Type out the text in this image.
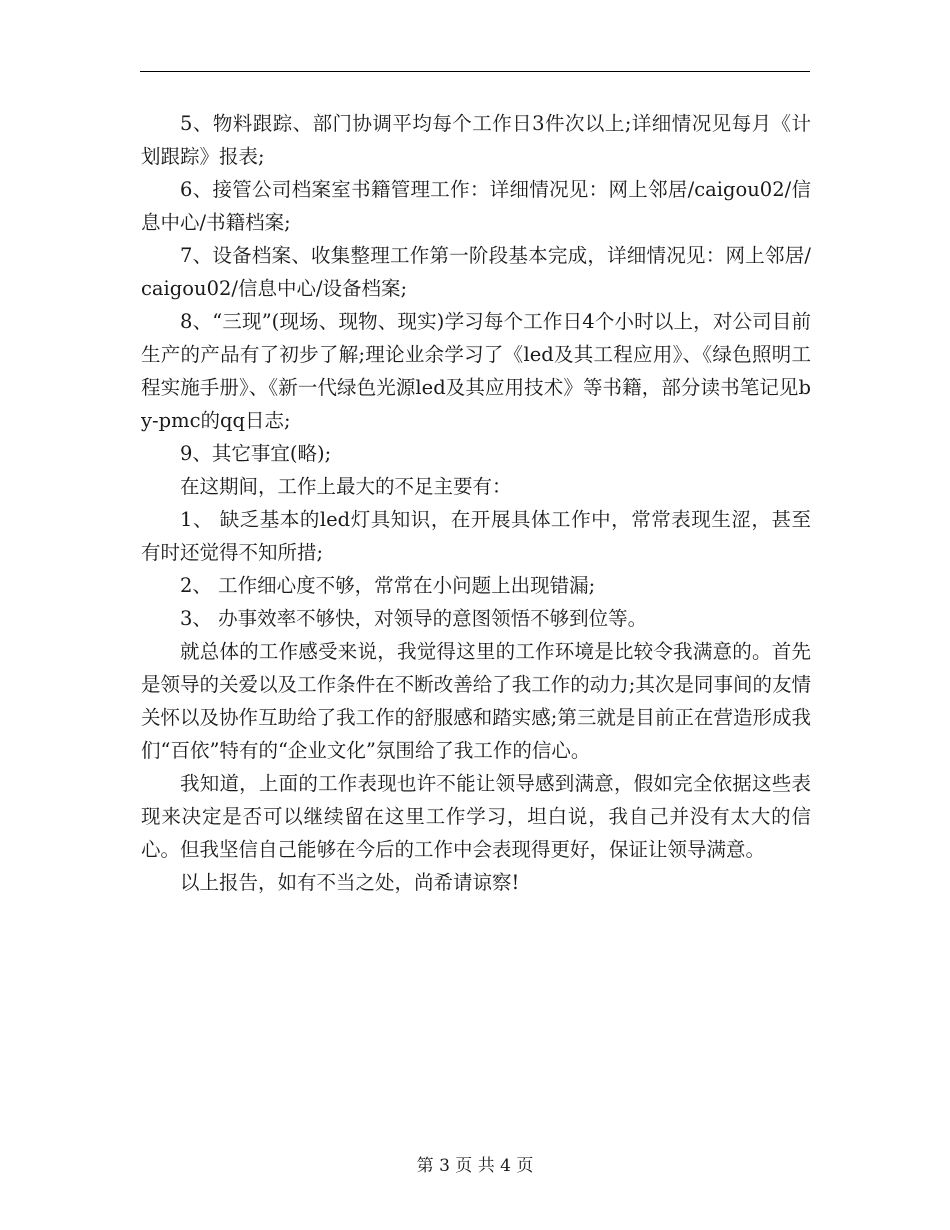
5、物料跟踪、部门协调平均每个工作日3件次以上;详细情况见每月《计划跟踪》报表;

6、接管公司档案室书籍管理工作：详细情况见：网上邻居/caigou02/信息中心/书籍档案;

7、设备档案、收集整理工作第一阶段基本完成，详细情况见：网上邻居/caigou02/信息中心/设备档案;

8、“三现”(现场、现物、现实)学习每个工作日4个小时以上，对公司目前生产的产品有了初步了解;理论业余学习了《led及其工程应用》、《绿色照明工程实施手册》、《新一代绿色光源led及其应用技术》等书籍，部分读书笔记见by-pmc的qq日志;

9、其它事宜(略);

在这期间，工作上最大的不足主要有：

1、 缺乏基本的led灯具知识，在开展具体工作中，常常表现生涩，甚至有时还觉得不知所措;

2、 工作细心度不够，常常在小问题上出现错漏;

3、 办事效率不够快，对领导的意图领悟不够到位等。

就总体的工作感受来说，我觉得这里的工作环境是比较令我满意的。首先是领导的关爱以及工作条件在不断改善给了我工作的动力;其次是同事间的友情关怀以及协作互助给了我工作的舒服感和踏实感;第三就是目前正在营造形成我们“百依”特有的“企业文化”氛围给了我工作的信心。

我知道，上面的工作表现也许不能让领导感到满意，假如完全依据这些表现来决定是否可以继续留在这里工作学习，坦白说，我自己并没有太大的信心。但我坚信自己能够在今后的工作中会表现得更好，保证让领导满意。

以上报告，如有不当之处，尚希请谅察!

第 3 页 共 4 页
